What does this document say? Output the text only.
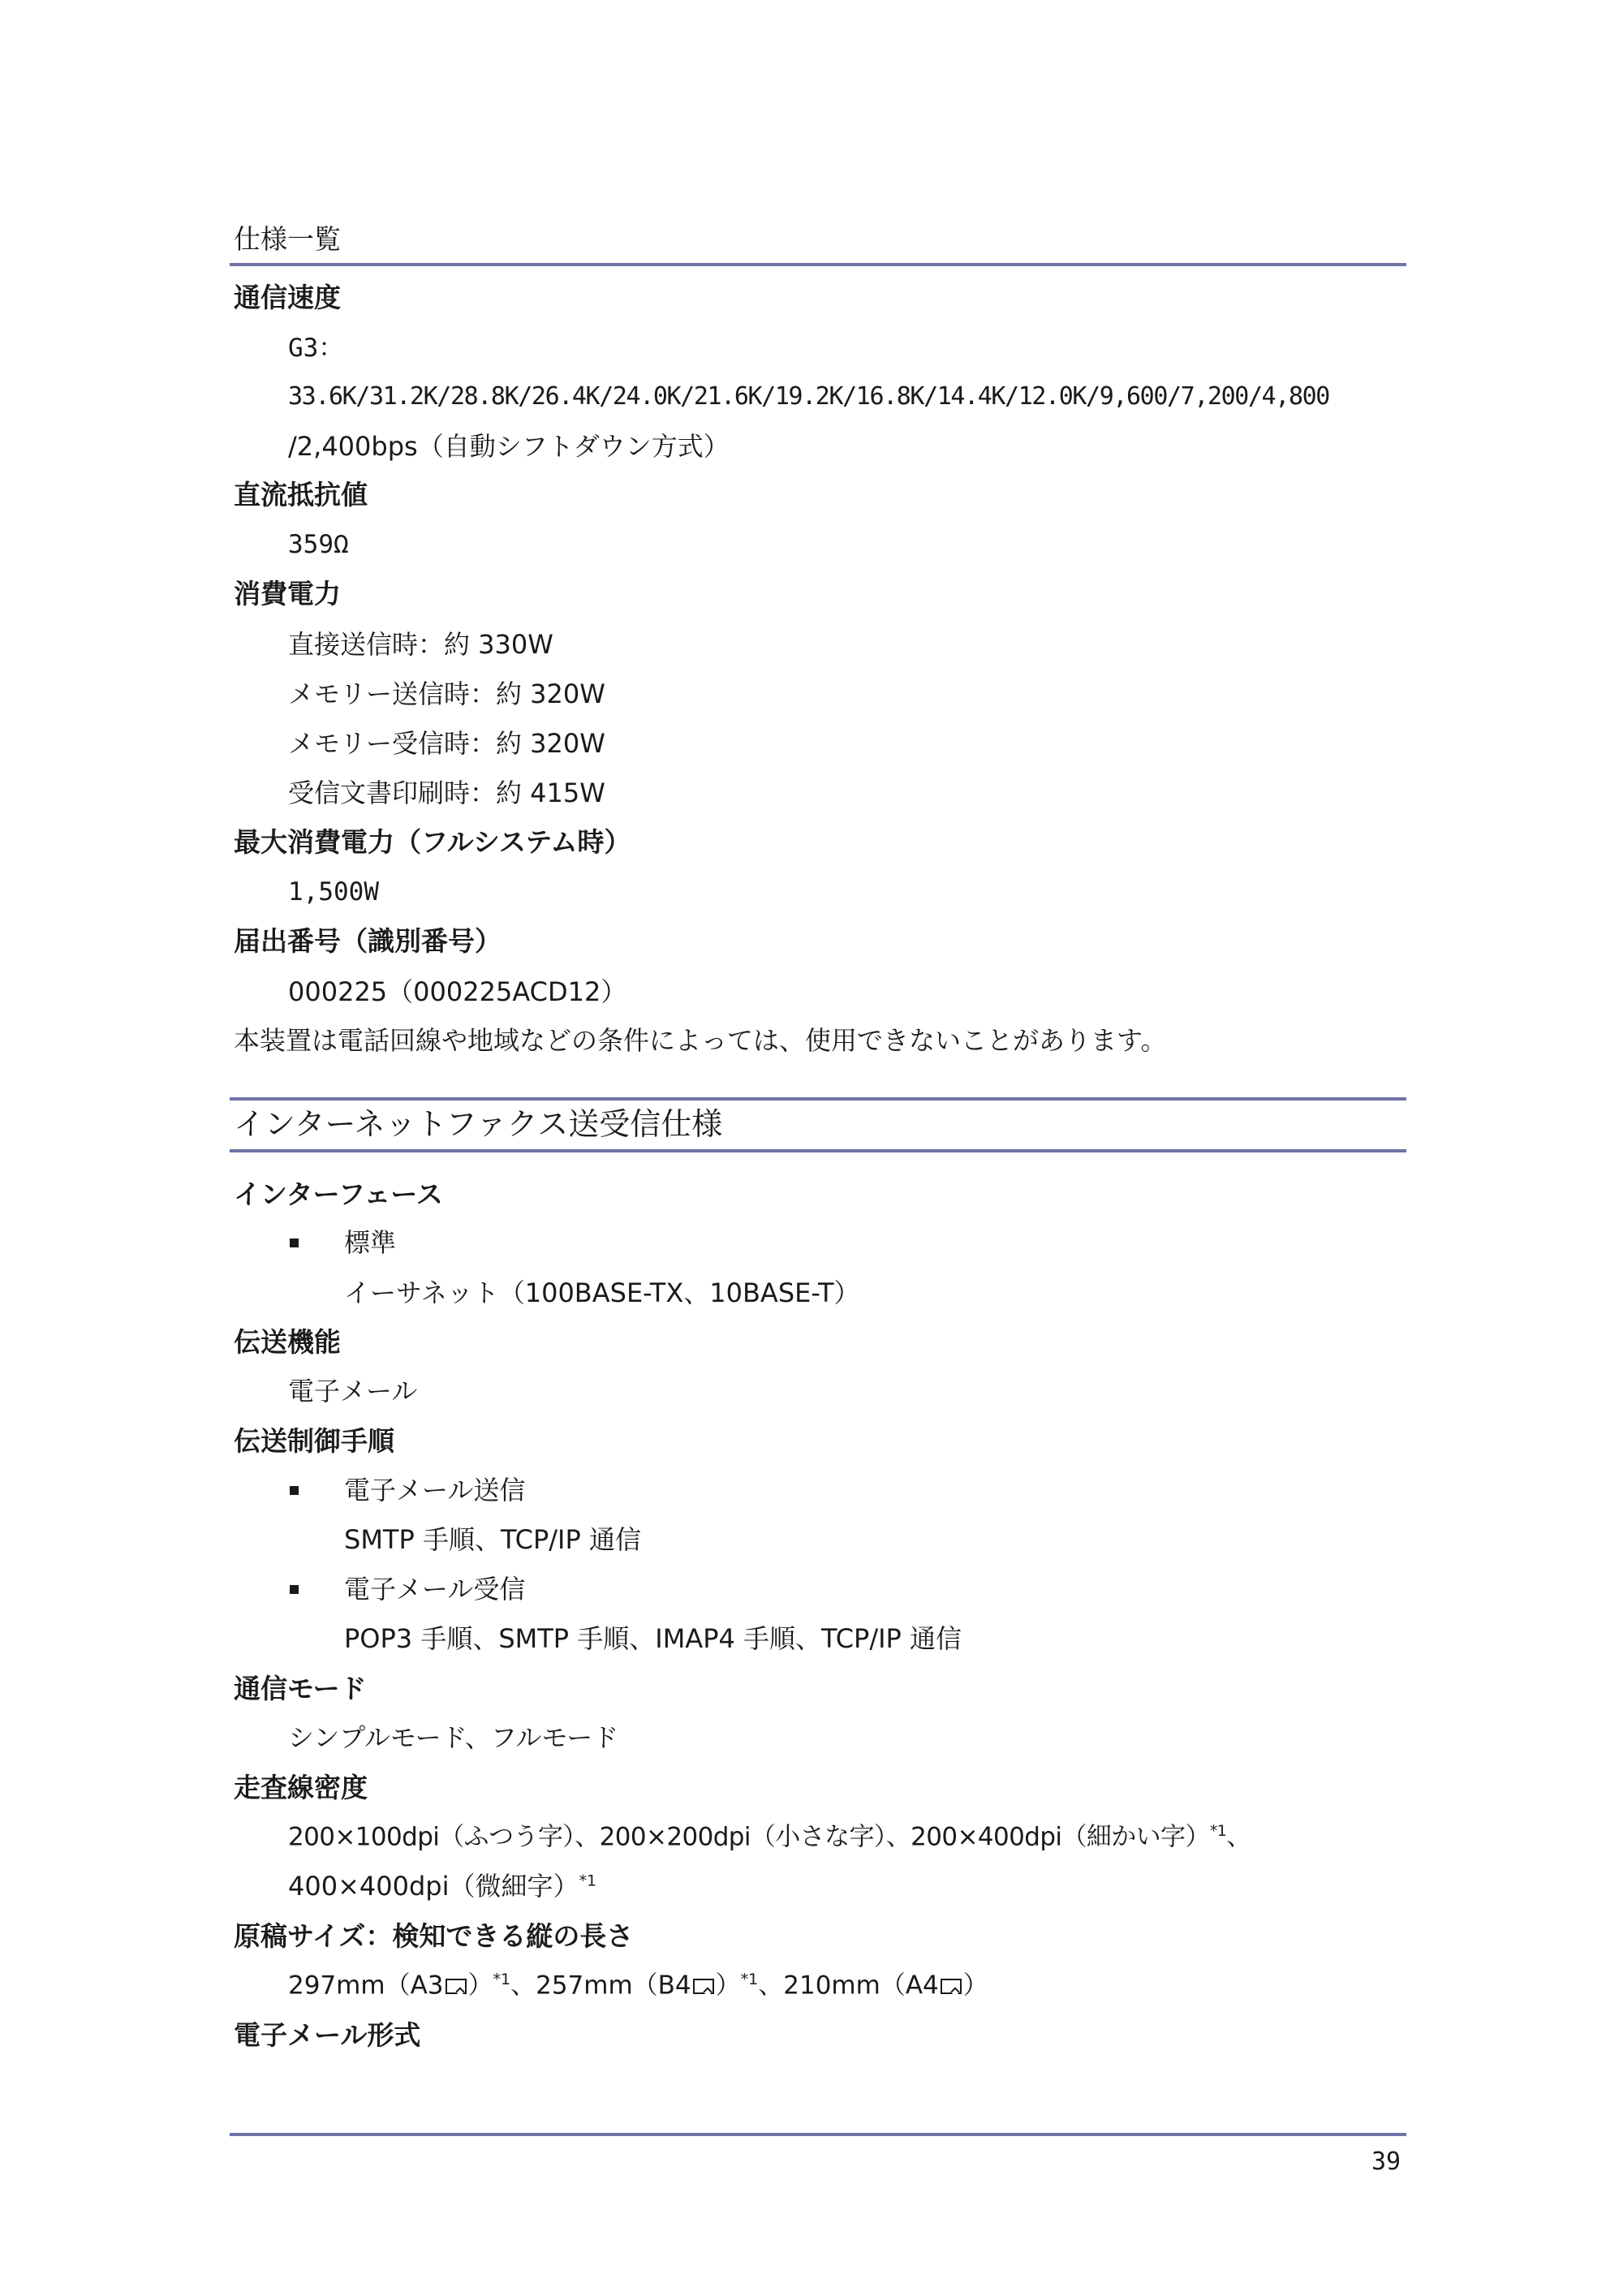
仕様一覧
通信速度
G3：
33.6K/31.2K/28.8K/26.4K/24.0K/21.6K/19.2K/16.8K/14.4K/12.0K/9,600/7,200/4,800
/2,400bps（自動シフトダウン方式）
直流抵抗値
359Ω
消費電力
直接送信時：約 330W
メモリー送信時：約 320W
メモリー受信時：約 320W
受信文書印刷時：約 415W
最大消費電力（フルシステム時）
1,500W
届出番号（識別番号）
000225（000225ACD12）
本装置は電話回線や地域などの条件によっては、使用できないことがあります。
インターネットファクス送受信仕様
インターフェース
標準
イーサネット（100BASE-TX、10BASE-T）
伝送機能
電子メール
伝送制御手順
電子メール送信
SMTP 手順、TCP/IP 通信
電子メール受信
POP3 手順、SMTP 手順、IMAP4 手順、TCP/IP 通信
通信モード
シンプルモード、フルモード
走査線密度
200×100dpi（ふつう字）、200×200dpi（小さな字）、200×400dpi（細かい字）$^{*1}$、
400×400dpi（微細字）$^{*1}$
原稿サイズ：検知できる縦の長さ
297mm（A3 ）$^{*1}$、257mm（B4 ）$^{*1}$、210mm（A4 ）
電子メール形式
39
